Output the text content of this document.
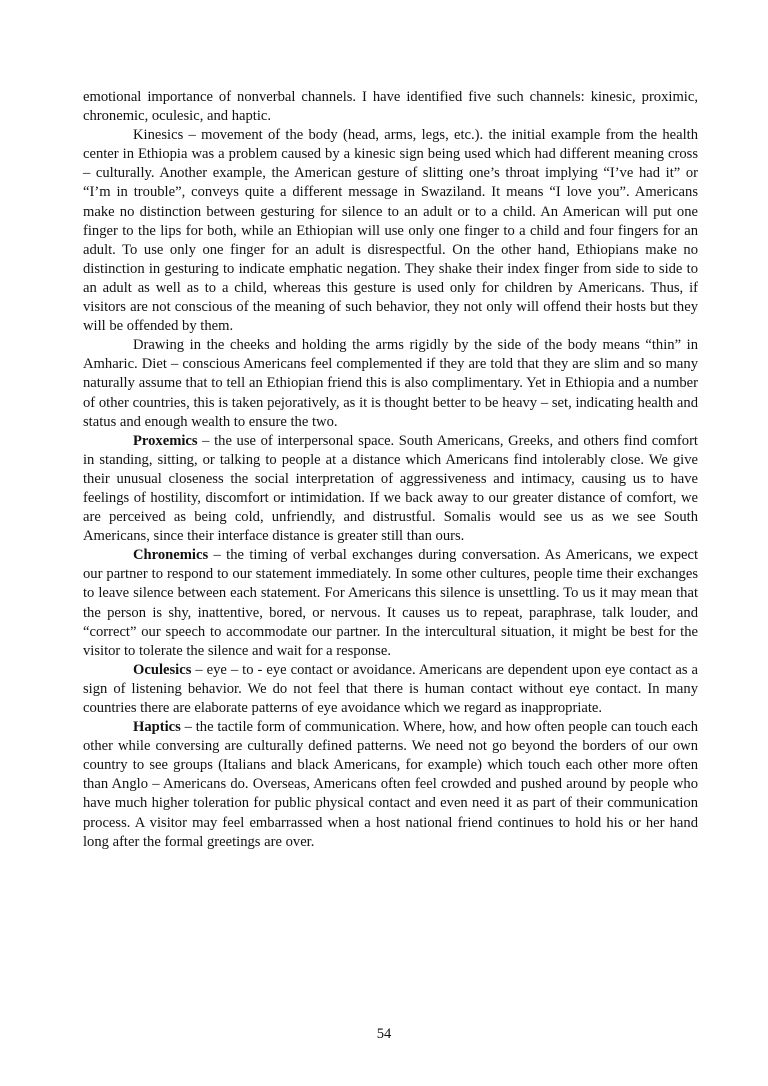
emotional importance of nonverbal channels. I have identified five such channels: kinesic, proximic, chronemic, oculesic, and haptic.

Kinesics – movement of the body (head, arms, legs, etc.). the initial example from the health center in Ethiopia was a problem caused by a kinesic sign being used which had different meaning cross – culturally. Another example, the American gesture of slitting one’s throat implying “I’ve had it” or “I’m in trouble”, conveys quite a different message in Swaziland. It means “I love you”. Americans make no distinction between gesturing for silence to an adult or to a child. An American will put one finger to the lips for both, while an Ethiopian will use only one finger to a child and four fingers for an adult. To use only one finger for an adult is disrespectful. On the other hand, Ethiopians make no distinction in gesturing to indicate emphatic negation. They shake their index finger from side to side to an adult as well as to a child, whereas this gesture is used only for children by Americans. Thus, if visitors are not conscious of the meaning of such behavior, they not only will offend their hosts but they will be offended by them.

Drawing in the cheeks and holding the arms rigidly by the side of the body means “thin” in Amharic. Diet – conscious Americans feel complemented if they are told that they are slim and so many naturally assume that to tell an Ethiopian friend this is also complimentary. Yet in Ethiopia and a number of other countries, this is taken pejoratively, as it is thought better to be heavy – set, indicating health and status and enough wealth to ensure the two.

Proxemics – the use of interpersonal space. South Americans, Greeks, and others find comfort in standing, sitting, or talking to people at a distance which Americans find intolerably close. We give their unusual closeness the social interpretation of aggressiveness and intimacy, causing us to have feelings of hostility, discomfort or intimidation. If we back away to our greater distance of comfort, we are perceived as being cold, unfriendly, and distrustful. Somalis would see us as we see South Americans, since their interface distance is greater still than ours.

Chronemics – the timing of verbal exchanges during conversation. As Americans, we expect our partner to respond to our statement immediately. In some other cultures, people time their exchanges to leave silence between each statement. For Americans this silence is unsettling. To us it may mean that the person is shy, inattentive, bored, or nervous. It causes us to repeat, paraphrase, talk louder, and “correct” our speech to accommodate our partner. In the intercultural situation, it might be best for the visitor to tolerate the silence and wait for a response.

Oculesics – eye – to - eye contact or avoidance. Americans are dependent upon eye contact as a sign of listening behavior. We do not feel that there is human contact without eye contact. In many countries there are elaborate patterns of eye avoidance which we regard as inappropriate.

Haptics – the tactile form of communication. Where, how, and how often people can touch each other while conversing are culturally defined patterns. We need not go beyond the borders of our own country to see groups (Italians and black Americans, for example) which touch each other more often than Anglo – Americans do. Overseas, Americans often feel crowded and pushed around by people who have much higher toleration for public physical contact and even need it as part of their communication process. A visitor may feel embarrassed when a host national friend continues to hold his or her hand long after the formal greetings are over.

54
